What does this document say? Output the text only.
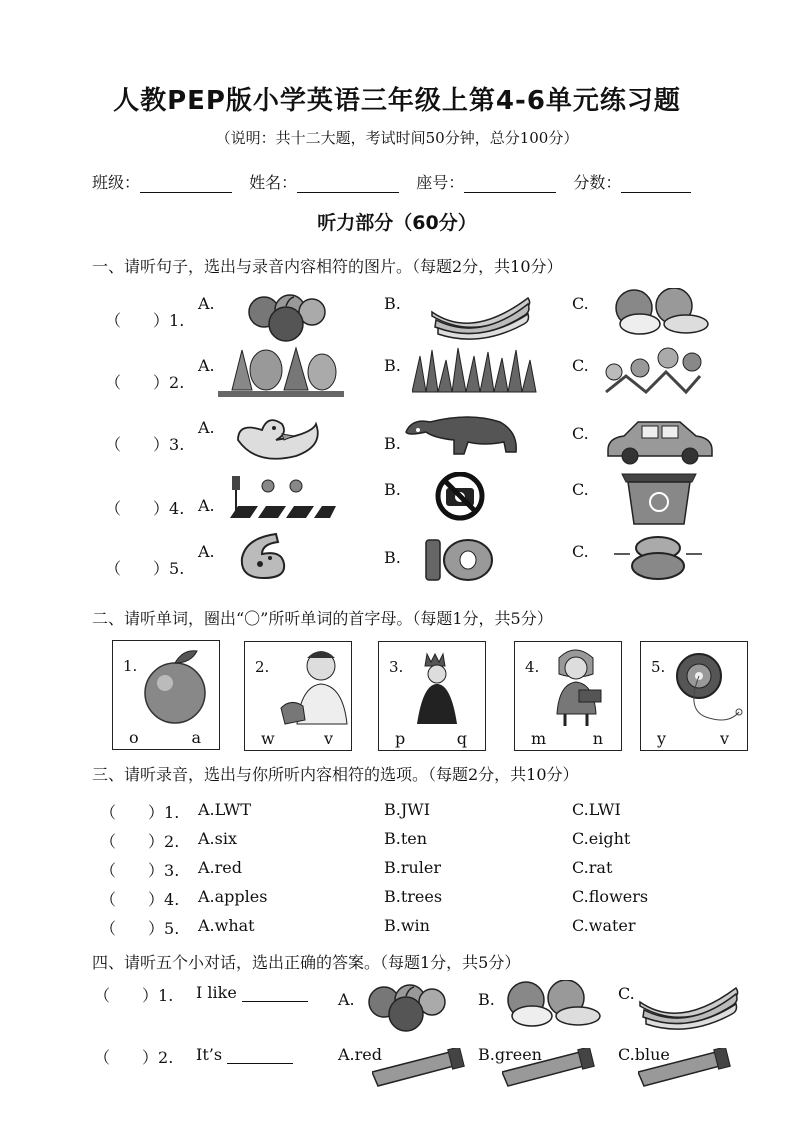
人教PEP版小学英语三年级上第4-6单元练习题
（说明：共十二大题，考试时间50分钟，总分100分）
班级：	姓名：	座号：	分数：
听力部分（60分）
一、请听句子，选出与录音内容相符的图片。（每题2分，共10分）
（　　）1.
A.	B.	C.
（　　）2.
A.	B.	C.
（　　）3.
A.
B.
C.
（　　）4. A.
B.	C.
（　　）5.
A.	B.	C.
二、请听单词，圈出“〇”所听单词的首字母。（每题1分，共5分）
1.
o	a
2.
w	v
3.
p	q
4.
m	n
5.
y	v
三、请听录音，选出与你所听内容相符的选项。（每题2分，共10分）
（　　）1. A.LWT	B.JWI	C.LWI
（　　）2. A.six	B.ten	C.eight
（　　）3. A.red	B.ruler	C.rat
（　　）4. A.apples	B.trees	C.flowers
（　　）5. A.what	B.win	C.water
四、请听五个小对话，选出正确的答案。（每题1分，共5分）
（　　）1. I like	A.	B.	C.
（　　）2. It’s	A.red	B.green	C.blue
